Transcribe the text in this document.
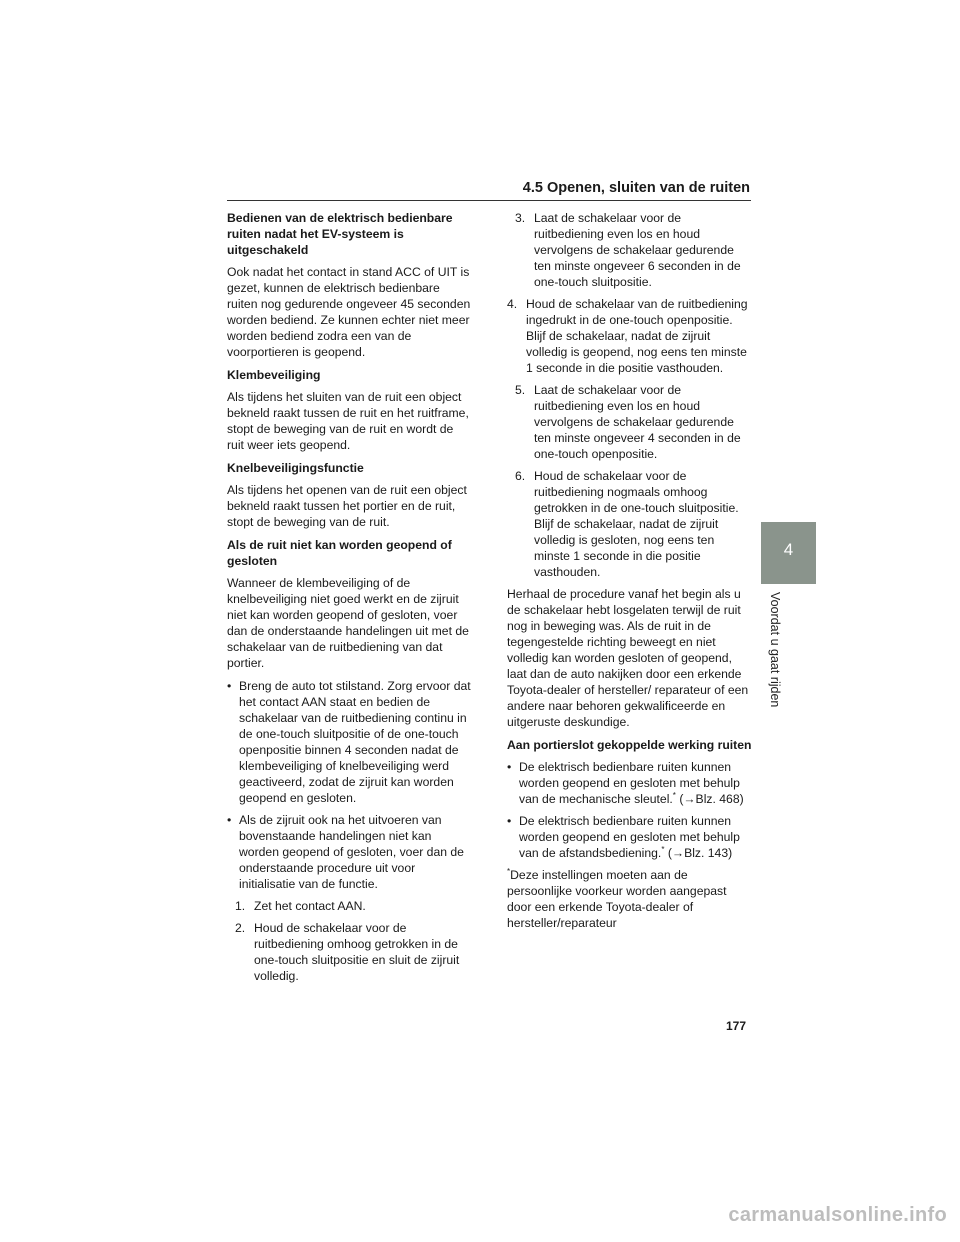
4.5 Openen, sluiten van de ruiten

Bedienen van de elektrisch bedienbare ruiten nadat het EV-systeem is uitgeschakeld

Ook nadat het contact in stand ACC of UIT is gezet, kunnen de elektrisch bedienbare ruiten nog gedurende ongeveer 45 seconden worden bediend. Ze kunnen echter niet meer worden bediend zodra een van de voorportieren is geopend.

Klembeveiliging

Als tijdens het sluiten van de ruit een object bekneld raakt tussen de ruit en het ruitframe, stopt de beweging van de ruit en wordt de ruit weer iets geopend.

Knelbeveiligingsfunctie

Als tijdens het openen van de ruit een object bekneld raakt tussen het portier en de ruit, stopt de beweging van de ruit.

Als de ruit niet kan worden geopend of gesloten

Wanneer de klembeveiliging of de knelbeveiliging niet goed werkt en de zijruit niet kan worden geopend of gesloten, voer dan de onderstaande handelingen uit met de schakelaar van de ruitbediening van dat portier.

• Breng de auto tot stilstand. Zorg ervoor dat het contact AAN staat en bedien de schakelaar van de ruitbediening continu in de one-touch sluitpositie of de one-touch openpositie binnen 4 seconden nadat de klembeveiliging of knelbeveiliging werd geactiveerd, zodat de zijruit kan worden geopend en gesloten.
• Als de zijruit ook na het uitvoeren van bovenstaande handelingen niet kan worden geopend of gesloten, voer dan de onderstaande procedure uit voor initialisatie van de functie.
1. Zet het contact AAN.
2. Houd de schakelaar voor de ruitbediening omhoog getrokken in de one-touch sluitpositie en sluit de zijruit volledig.
3. Laat de schakelaar voor de ruitbediening even los en houd vervolgens de schakelaar gedurende ten minste ongeveer 6 seconden in de one-touch sluitpositie.
4. Houd de schakelaar van de ruitbediening ingedrukt in de one-touch openpositie. Blijf de schakelaar, nadat de zijruit volledig is geopend, nog eens ten minste 1 seconde in die positie vasthouden.
5. Laat de schakelaar voor de ruitbediening even los en houd vervolgens de schakelaar gedurende ten minste ongeveer 4 seconden in de one-touch openpositie.
6. Houd de schakelaar voor de ruitbediening nogmaals omhoog getrokken in de one-touch sluitpositie. Blijf de schakelaar, nadat de zijruit volledig is gesloten, nog eens ten minste 1 seconde in die positie vasthouden.

Herhaal de procedure vanaf het begin als u de schakelaar hebt losgelaten terwijl de ruit nog in beweging was. Als de ruit in de tegengestelde richting beweegt en niet volledig kan worden gesloten of geopend, laat dan de auto nakijken door een erkende Toyota-dealer of hersteller/ reparateur of een andere naar behoren gekwalificeerde en uitgeruste deskundige.

Aan portierslot gekoppelde werking ruiten

• De elektrisch bedienbare ruiten kunnen worden geopend en gesloten met behulp van de mechanische sleutel.* (→Blz. 468)
• De elektrisch bedienbare ruiten kunnen worden geopend en gesloten met behulp van de afstandsbediening.* (→Blz. 143)

*Deze instellingen moeten aan de persoonlijke voorkeur worden aangepast door een erkende Toyota-dealer of hersteller/reparateur

4
Voordat u gaat rijden
177
carmanualsonline.info
